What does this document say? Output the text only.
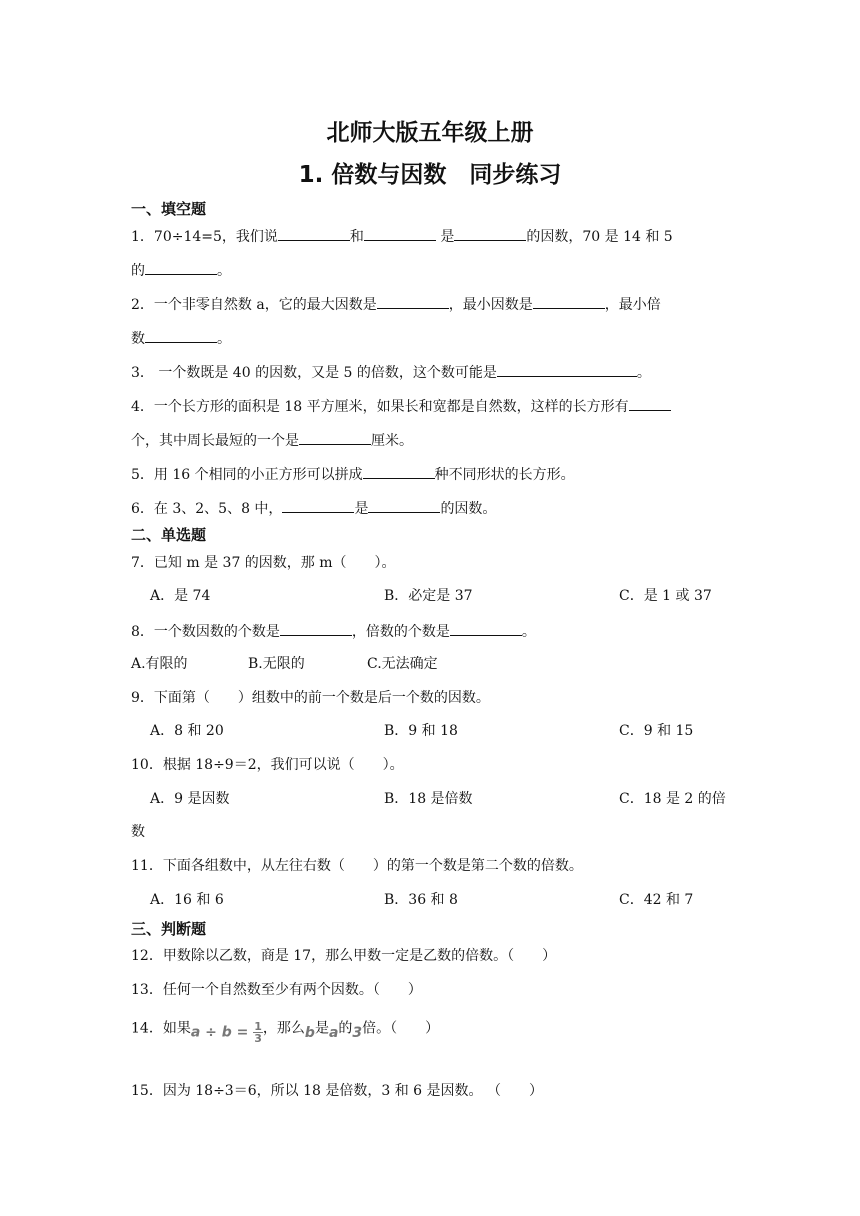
北师大版五年级上册
1. 倍数与因数　同步练习
一、填空题
1．70÷14=5，我们说	和	是	的因数，70 是 14 和 5
的	。
2．一个非零自然数 a，它的最大因数是	，最小因数是	，最小倍
数	。
3． 一个数既是 40 的因数，又是 5 的倍数，这个数可能是	。
4．一个长方形的面积是 18 平方厘米，如果长和宽都是自然数，这样的长方形有
个，其中周长最短的一个是	厘米。
5．用 16 个相同的小正方形可以拼成	种不同形状的长方形。
6．在 3、2、5、8 中，	是	的因数。
二、单选题
7．已知 m 是 37 的因数，那 m（　　）。
A．是 74	B．必定是 37	C．是 1 或 37
8．一个数因数的个数是	，倍数的个数是	。
A.有限的	B.无限的	C.无法确定
9．下面第（　　）组数中的前一个数是后一个数的因数。
A．8 和 20	B．9 和 18	C．9 和 15
10．根据 18÷9＝2，我们可以说（　　）。
A．9 是因数	B．18 是倍数	C．18 是 2 的倍
数
11．下面各组数中，从左往右数（　　）的第一个数是第二个数的倍数。
A．16 和 6	B．36 和 8	C．42 和 7
三、判断题
12．甲数除以乙数，商是 17，那么甲数一定是乙数的倍数。（　　）
13．任何一个自然数至少有两个因数。（　　）
14．如果$a \div b = \frac{1}{3}$ ，那么b是a的3倍。（　　）
15．因为 18÷3＝6，所以 18 是倍数，3 和 6 是因数。 （　　）
